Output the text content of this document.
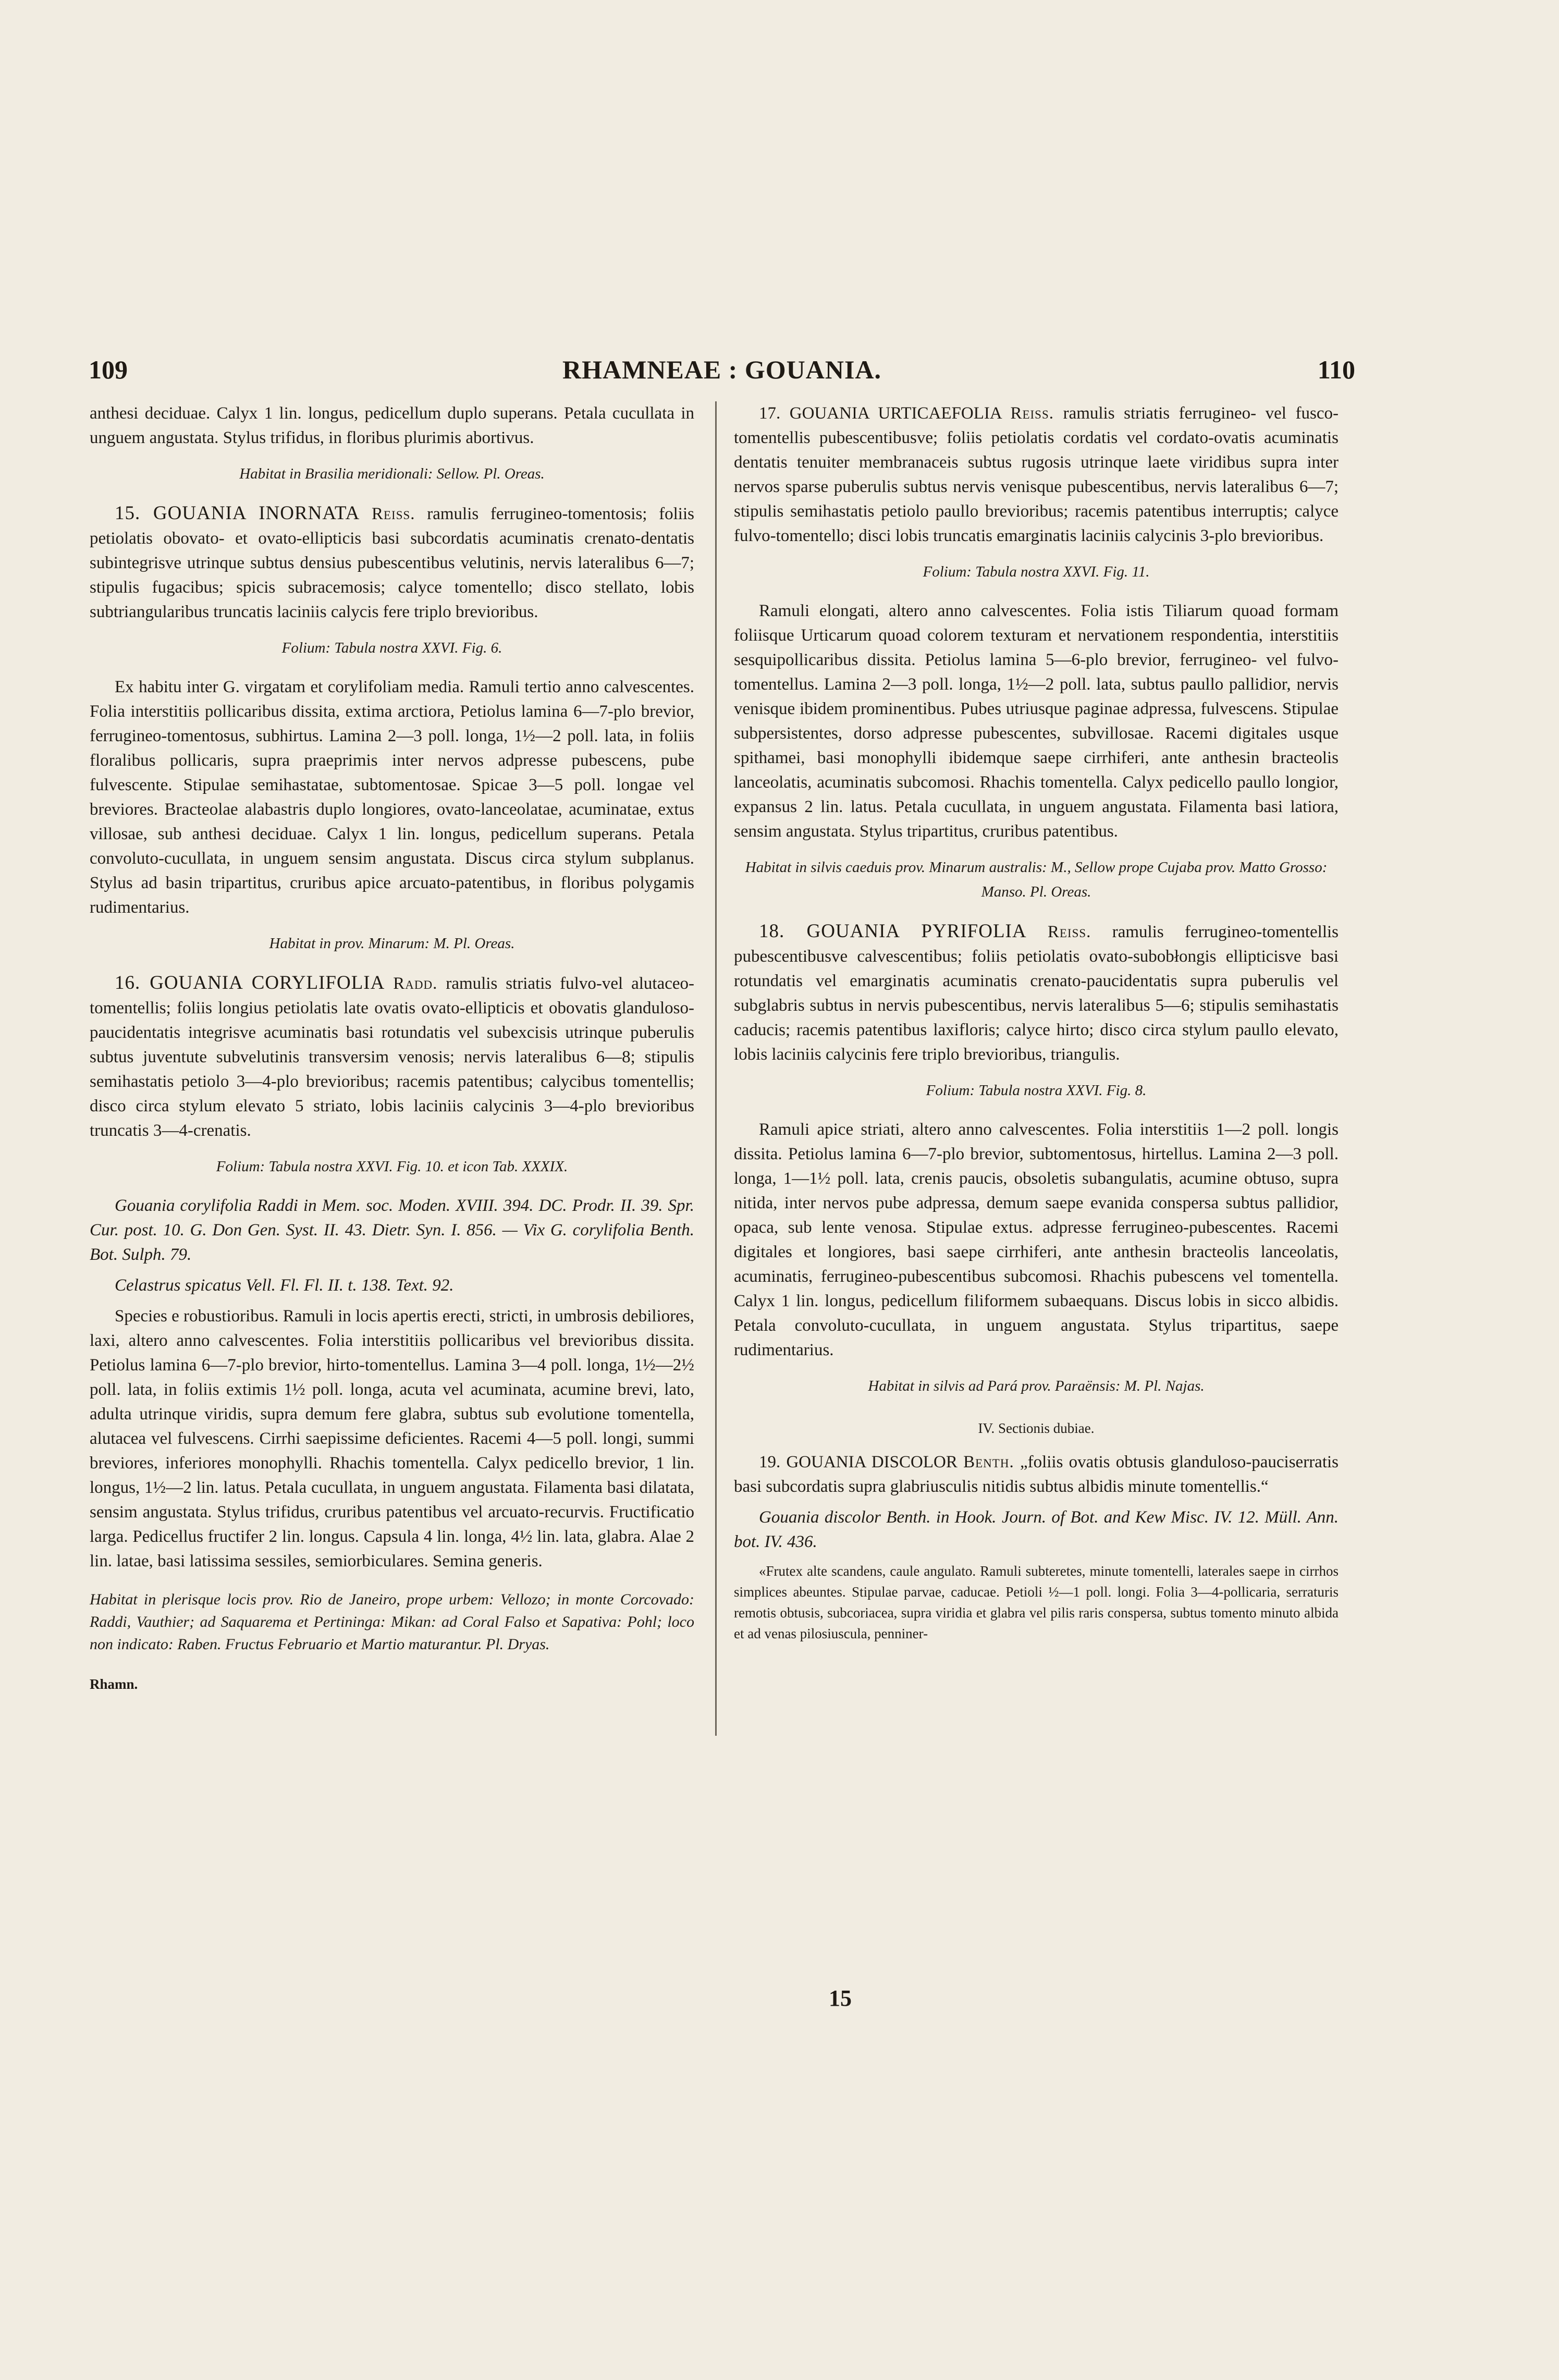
109	RHAMNEAE : GOUANIA.	110

anthesi deciduae. Calyx 1 lin. longus, pedicellum duplo superans. Petala cucullata in unguem angustata. Stylus trifidus, in floribus plurimis abortivus.

Habitat in Brasilia meridionali: Sellow. Pl. Oreas.

15. GOUANIA INORNATA Reiss. ramulis ferrugineo-tomentosis; foliis petiolatis obovato- et ovato-ellipticis basi subcordatis acuminatis crenato-dentatis subintegrisve utrinque subtus densius pubescentibus velutinis, nervis lateralibus 6—7; stipulis fugacibus; spicis subracemosis; calyce tomentello; disco stellato, lobis subtriangularibus truncatis laciniis calycis fere triplo brevioribus.

Folium: Tabula nostra XXVI. Fig. 6.

Ex habitu inter G. virgatam et corylifoliam media. Ramuli tertio anno calvescentes. Folia interstitiis pollicaribus dissita, extima arctiora, Petiolus lamina 6—7-plo brevior, ferrugineo-tomentosus, subhirtus. Lamina 2—3 poll. longa, 1½—2 poll. lata, in foliis floralibus pollicaris, supra praeprimis inter nervos adpresse pubescens, pube fulvescente. Stipulae semihastatae, subtomentosae. Spicae 3—5 poll. longae vel breviores. Bracteolae alabastris duplo longiores, ovato-lanceolatae, acuminatae, extus villosae, sub anthesi deciduae. Calyx 1 lin. longus, pedicellum superans. Petala convoluto-cucullata, in unguem sensim angustata. Discus circa stylum subplanus. Stylus ad basin tripartitus, cruribus apice arcuato-patentibus, in floribus polygamis rudimentarius.

Habitat in prov. Minarum: M. Pl. Oreas.

16. GOUANIA CORYLIFOLIA Radd. ramulis striatis fulvo-vel alutaceo-tomentellis; foliis longius petiolatis late ovatis ovato-ellipticis et obovatis glanduloso-paucidentatis integrisve acuminatis basi rotundatis vel subexcisis utrinque puberulis subtus juventute subvelutinis transversim venosis; nervis lateralibus 6—8; stipulis semihastatis petiolo 3—4-plo brevioribus; racemis patentibus; calycibus tomentellis; disco circa stylum elevato 5 striato, lobis laciniis calycinis 3—4-plo brevioribus truncatis 3—4-crenatis.

Folium: Tabula nostra XXVI. Fig. 10. et icon Tab. XXXIX.

Gouania corylifolia Raddi in Mem. soc. Moden. XVIII. 394. DC. Prodr. II. 39. Spr. Cur. post. 10. G. Don Gen. Syst. II. 43. Dietr. Syn. I. 856. — Vix G. corylifolia Benth. Bot. Sulph. 79.

Celastrus spicatus Vell. Fl. Fl. II. t. 138. Text. 92.

Species e robustioribus. Ramuli in locis apertis erecti, stricti, in umbrosis debiliores, laxi, altero anno calvescentes. Folia interstitiis pollicaribus vel brevioribus dissita. Petiolus lamina 6—7-plo brevior, hirto-tomentellus. Lamina 3—4 poll. longa, 1½—2½ poll. lata, in foliis extimis 1½ poll. longa, acuta vel acuminata, acumine brevi, lato, adulta utrinque viridis, supra demum fere glabra, subtus sub evolutione tomentella, alutacea vel fulvescens. Cirrhi saepissime deficientes. Racemi 4—5 poll. longi, summi breviores, inferiores monophylli. Rhachis tomentella. Calyx pedicello brevior, 1 lin. longus, 1½—2 lin. latus. Petala cucullata, in unguem angustata. Filamenta basi dilatata, sensim angustata. Stylus trifidus, cruribus patentibus vel arcuato-recurvis. Fructificatio larga. Pedicellus fructifer 2 lin. longus. Capsula 4 lin. longa, 4½ lin. lata, glabra. Alae 2 lin. latae, basi latissima sessiles, semiorbiculares. Semina generis.

Habitat in plerisque locis prov. Rio de Janeiro, prope urbem: Vellozo; in monte Corcovado: Raddi, Vauthier; ad Saquarema et Pertininga: Mikan: ad Coral Falso et Sapativa: Pohl; loco non indicato: Raben. Fructus Februario et Martio maturantur. Pl. Dryas.

Rhamn.

17. GOUANIA URTICAEFOLIA Reiss. ramulis striatis ferrugineo- vel fusco-tomentellis pubescentibusve; foliis petiolatis cordatis vel cordato-ovatis acuminatis dentatis tenuiter membranaceis subtus rugosis utrinque laete viridibus supra inter nervos sparse puberulis subtus nervis venisque pubescentibus, nervis lateralibus 6—7; stipulis semihastatis petiolo paullo brevioribus; racemis patentibus interruptis; calyce fulvo-tomentello; disci lobis truncatis emarginatis laciniis calycinis 3-plo brevioribus.

Folium: Tabula nostra XXVI. Fig. 11.

Ramuli elongati, altero anno calvescentes. Folia istis Tiliarum quoad formam foliisque Urticarum quoad colorem texturam et nervationem respondentia, interstitiis sesquipollicaribus dissita. Petiolus lamina 5—6-plo brevior, ferrugineo- vel fulvo-tomentellus. Lamina 2—3 poll. longa, 1½—2 poll. lata, subtus paullo pallidior, nervis venisque ibidem prominentibus. Pubes utriusque paginae adpressa, fulvescens. Stipulae subpersistentes, dorso adpresse pubescentes, subvillosae. Racemi digitales usque spithamei, basi monophylli ibidemque saepe cirrhiferi, ante anthesin bracteolis lanceolatis, acuminatis subcomosi. Rhachis tomentella. Calyx pedicello paullo longior, expansus 2 lin. latus. Petala cucullata, in unguem angustata. Filamenta basi latiora, sensim angustata. Stylus tripartitus, cruribus patentibus.

Habitat in silvis caeduis prov. Minarum australis: M., Sellow prope Cujaba prov. Matto Grosso: Manso. Pl. Oreas.

18. GOUANIA PYRIFOLIA Reiss. ramulis ferrugineo-tomentellis pubescentibusve calvescentibus; foliis petiolatis ovato-subobłongis ellipticisve basi rotundatis vel emarginatis acuminatis crenato-paucidentatis supra puberulis vel subglabris subtus in nervis pubescentibus, nervis lateralibus 5—6; stipulis semihastatis caducis; racemis patentibus laxifloris; calyce hirto; disco circa stylum paullo elevato, lobis laciniis calycinis fere triplo brevioribus, triangulis.

Folium: Tabula nostra XXVI. Fig. 8.

Ramuli apice striati, altero anno calvescentes. Folia interstitiis 1—2 poll. longis dissita. Petiolus lamina 6—7-plo brevior, subtomentosus, hirtellus. Lamina 2—3 poll. longa, 1—1½ poll. lata, crenis paucis, obsoletis subangulatis, acumine obtuso, supra nitida, inter nervos pube adpressa, demum saepe evanida conspersa subtus pallidior, opaca, sub lente venosa. Stipulae extus. adpresse ferrugineo-pubescentes. Racemi digitales et longiores, basi saepe cirrhiferi, ante anthesin bracteolis lanceolatis, acuminatis, ferrugineo-pubescentibus subcomosi. Rhachis pubescens vel tomentella. Calyx 1 lin. longus, pedicellum filiformem subaequans. Discus lobis in sicco albidis. Petala convoluto-cucullata, in unguem angustata. Stylus tripartitus, saepe rudimentarius.

Habitat in silvis ad Pará prov. Paraënsis: M. Pl. Najas.

IV. Sectionis dubiae.

19. GOUANIA DISCOLOR Benth. „foliis ovatis obtusis glanduloso-pauciserratis basi subcordatis supra glabriusculis nitidis subtus albidis minute tomentellis.“

Gouania discolor Benth. in Hook. Journ. of Bot. and Kew Misc. IV. 12. Müll. Ann. bot. IV. 436.

«Frutex alte scandens, caule angulato. Ramuli subteretes, minute tomentelli, laterales saepe in cirrhos simplices abeuntes. Stipulae parvae, caducae. Petioli ½—1 poll. longi. Folia 3—4-pollicaria, serraturis remotis obtusis, subcoriacea, supra viridia et glabra vel pilis raris conspersa, subtus tomento minuto albida et ad venas pilosiuscula, penniner-

15
